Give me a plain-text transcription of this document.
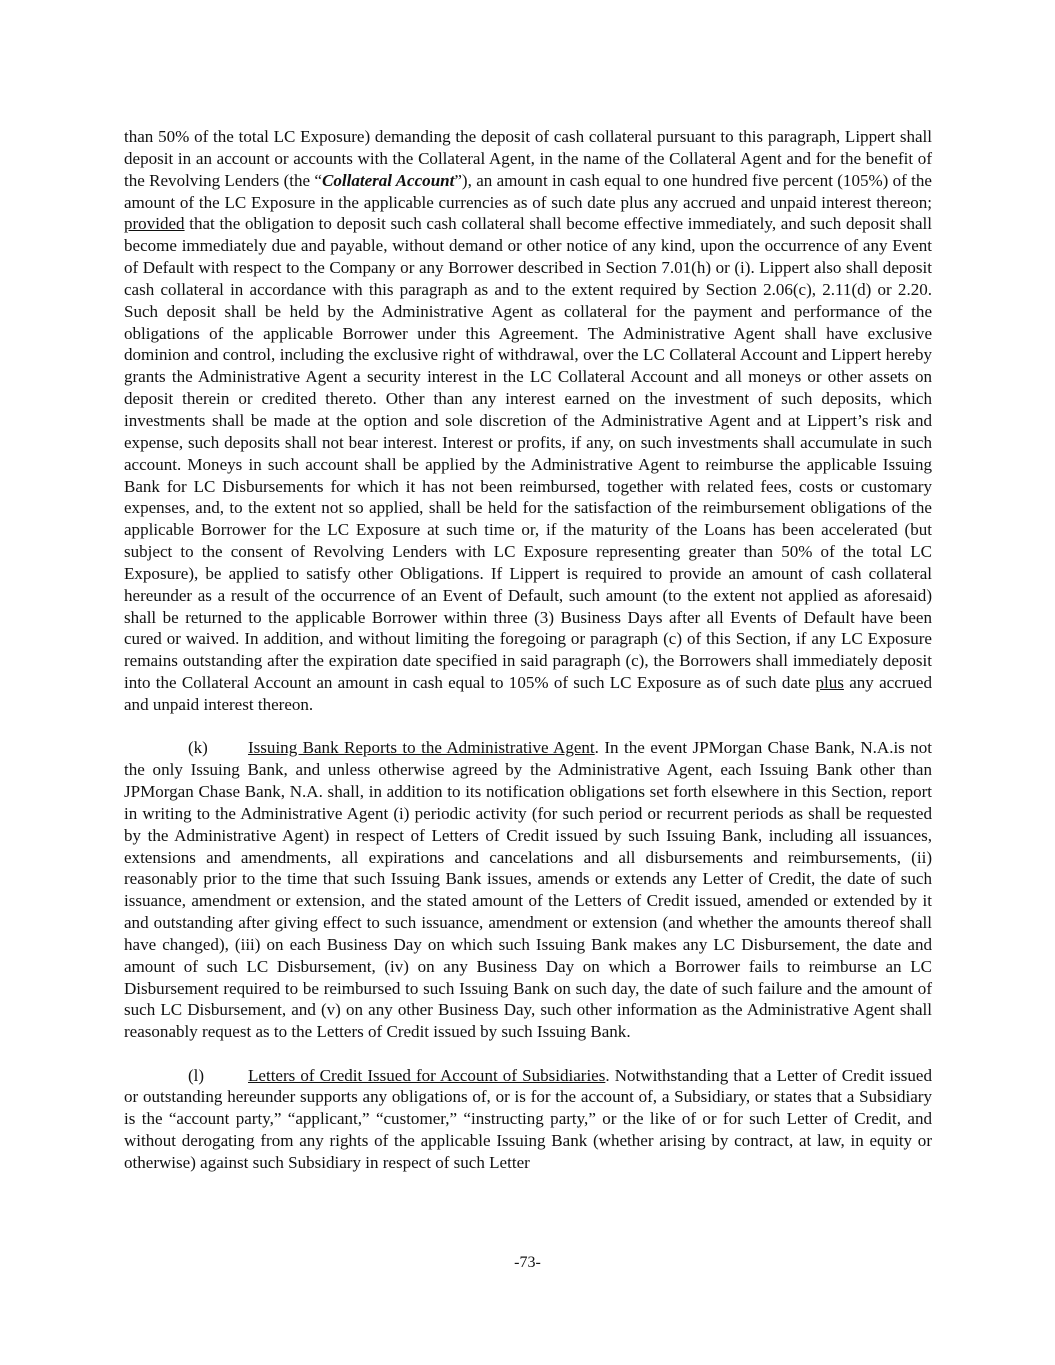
than 50% of the total LC Exposure) demanding the deposit of cash collateral pursuant to this paragraph, Lippert shall deposit in an account or accounts with the Collateral Agent, in the name of the Collateral Agent and for the benefit of the Revolving Lenders (the “Collateral Account”), an amount in cash equal to one hundred five percent (105%) of the amount of the LC Exposure in the applicable currencies as of such date plus any accrued and unpaid interest thereon; provided that the obligation to deposit such cash collateral shall become effective immediately, and such deposit shall become immediately due and payable, without demand or other notice of any kind, upon the occurrence of any Event of Default with respect to the Company or any Borrower described in Section 7.01(h) or (i). Lippert also shall deposit cash collateral in accordance with this paragraph as and to the extent required by Section 2.06(c), 2.11(d) or 2.20. Such deposit shall be held by the Administrative Agent as collateral for the payment and performance of the obligations of the applicable Borrower under this Agreement. The Administrative Agent shall have exclusive dominion and control, including the exclusive right of withdrawal, over the LC Collateral Account and Lippert hereby grants the Administrative Agent a security interest in the LC Collateral Account and all moneys or other assets on deposit therein or credited thereto. Other than any interest earned on the investment of such deposits, which investments shall be made at the option and sole discretion of the Administrative Agent and at Lippert’s risk and expense, such deposits shall not bear interest. Interest or profits, if any, on such investments shall accumulate in such account. Moneys in such account shall be applied by the Administrative Agent to reimburse the applicable Issuing Bank for LC Disbursements for which it has not been reimbursed, together with related fees, costs or customary expenses, and, to the extent not so applied, shall be held for the satisfaction of the reimbursement obligations of the applicable Borrower for the LC Exposure at such time or, if the maturity of the Loans has been accelerated (but subject to the consent of Revolving Lenders with LC Exposure representing greater than 50% of the total LC Exposure), be applied to satisfy other Obligations. If Lippert is required to provide an amount of cash collateral hereunder as a result of the occurrence of an Event of Default, such amount (to the extent not applied as aforesaid) shall be returned to the applicable Borrower within three (3) Business Days after all Events of Default have been cured or waived. In addition, and without limiting the foregoing or paragraph (c) of this Section, if any LC Exposure remains outstanding after the expiration date specified in said paragraph (c), the Borrowers shall immediately deposit into the Collateral Account an amount in cash equal to 105% of such LC Exposure as of such date plus any accrued and unpaid interest thereon.

(k) Issuing Bank Reports to the Administrative Agent. In the event JPMorgan Chase Bank, N.A.is not the only Issuing Bank, and unless otherwise agreed by the Administrative Agent, each Issuing Bank other than JPMorgan Chase Bank, N.A. shall, in addition to its notification obligations set forth elsewhere in this Section, report in writing to the Administrative Agent (i) periodic activity (for such period or recurrent periods as shall be requested by the Administrative Agent) in respect of Letters of Credit issued by such Issuing Bank, including all issuances, extensions and amendments, all expirations and cancelations and all disbursements and reimbursements, (ii) reasonably prior to the time that such Issuing Bank issues, amends or extends any Letter of Credit, the date of such issuance, amendment or extension, and the stated amount of the Letters of Credit issued, amended or extended by it and outstanding after giving effect to such issuance, amendment or extension (and whether the amounts thereof shall have changed), (iii) on each Business Day on which such Issuing Bank makes any LC Disbursement, the date and amount of such LC Disbursement, (iv) on any Business Day on which a Borrower fails to reimburse an LC Disbursement required to be reimbursed to such Issuing Bank on such day, the date of such failure and the amount of such LC Disbursement, and (v) on any other Business Day, such other information as the Administrative Agent shall reasonably request as to the Letters of Credit issued by such Issuing Bank.

(l)	Letters of Credit Issued for Account of Subsidiaries. Notwithstanding that a Letter of Credit issued or outstanding hereunder supports any obligations of, or is for the account of, a Subsidiary, or states that a Subsidiary is the “account party,” “applicant,” “customer,” “instructing party,” or the like of or for such Letter of Credit, and without derogating from any rights of the applicable Issuing Bank (whether arising by contract, at law, in equity or otherwise) against such Subsidiary in respect of such Letter

-73-
